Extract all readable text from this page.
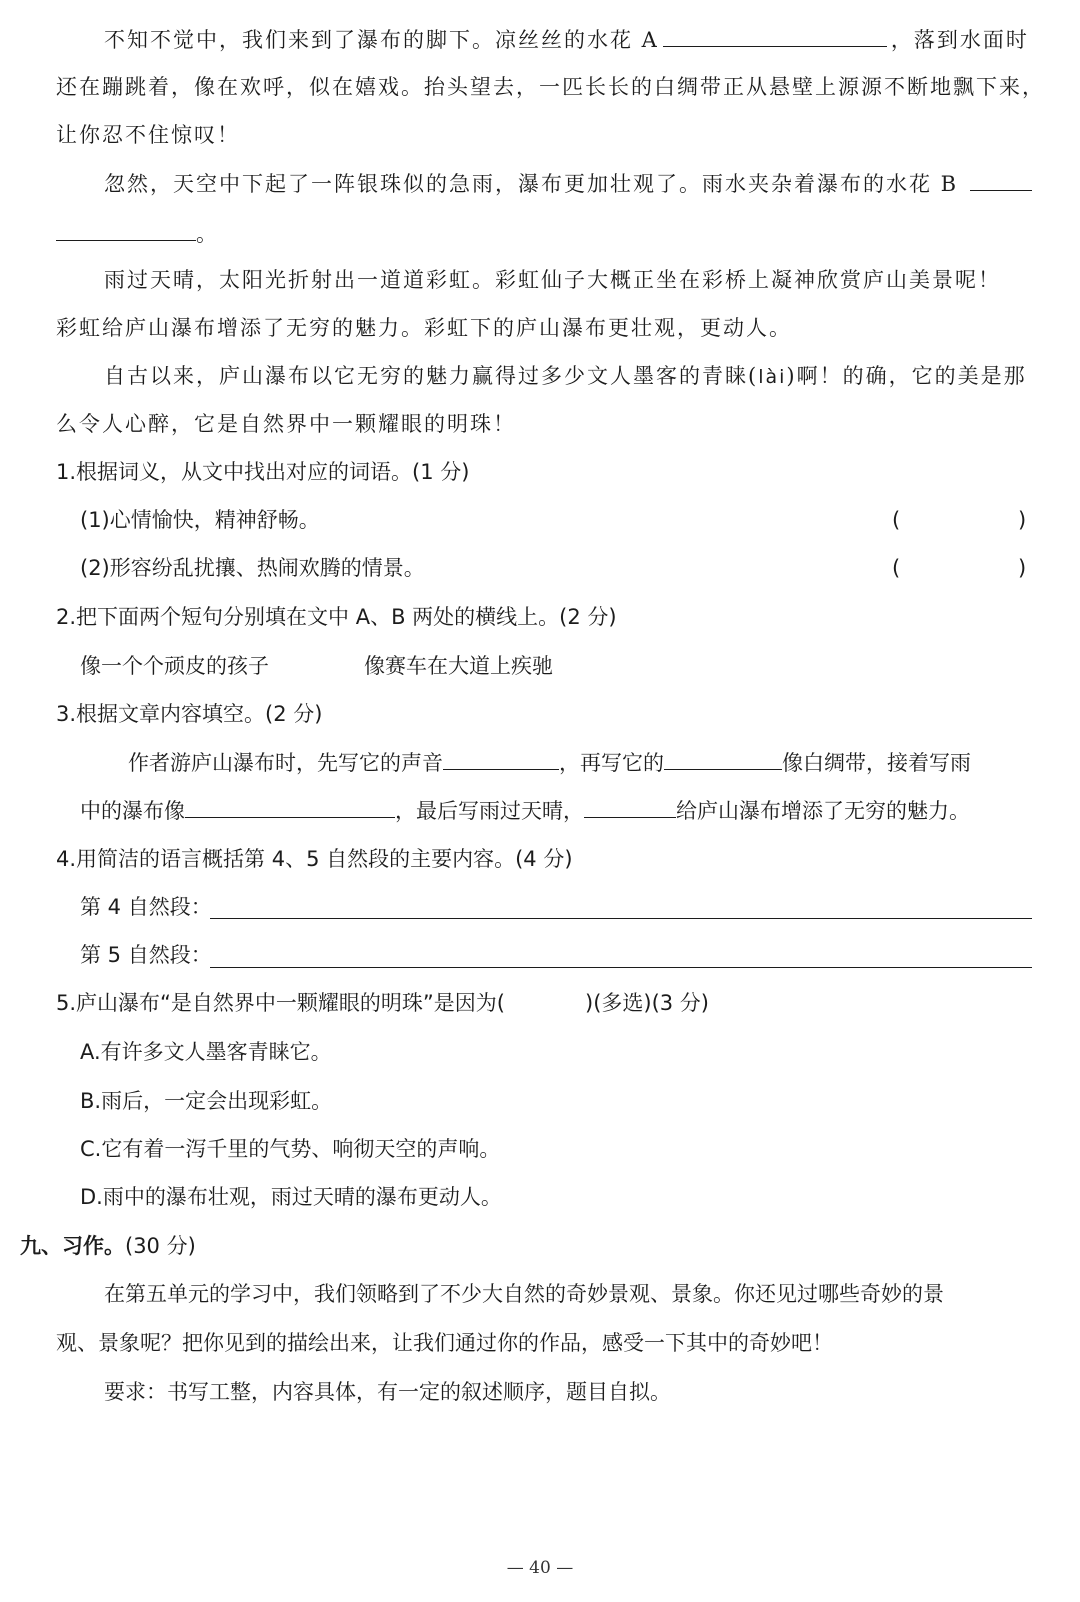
不知不觉中，我们来到了瀑布的脚下。凉丝丝的水花 A	，落到水面时
还在蹦跳着，像在欢呼，似在嬉戏。抬头望去，一匹长长的白绸带正从悬壁上源源不断地飘下来，
让你忍不住惊叹！
忽然，天空中下起了一阵银珠似的急雨，瀑布更加壮观了。雨水夹杂着瀑布的水花 B
。
雨过天晴，太阳光折射出一道道彩虹。彩虹仙子大概正坐在彩桥上凝神欣赏庐山美景呢！
彩虹给庐山瀑布增添了无穷的魅力。彩虹下的庐山瀑布更壮观，更动人。
自古以来，庐山瀑布以它无穷的魅力赢得过多少文人墨客的青睐(lài)啊！的确，它的美是那
么令人心醉，它是自然界中一颗耀眼的明珠！
1.根据词义，从文中找出对应的词语。(1 分)
(1)心情愉快，精神舒畅。	(	)
(2)形容纷乱扰攘、热闹欢腾的情景。	(	)
2.把下面两个短句分别填在文中 A、B 两处的横线上。(2 分)
像一个个顽皮的孩子	像赛车在大道上疾驰
3.根据文章内容填空。(2 分)
作者游庐山瀑布时，先写它的声音	，再写它的	像白绸带，接着写雨
中的瀑布像	，最后写雨过天晴，	给庐山瀑布增添了无穷的魅力。
4.用简洁的语言概括第 4、5 自然段的主要内容。(4 分)
第 4 自然段：
第 5 自然段：
5.庐山瀑布“是自然界中一颗耀眼的明珠”是因为(	)(多选)(3 分)
A.有许多文人墨客青睐它。
B.雨后，一定会出现彩虹。
C.它有着一泻千里的气势、响彻天空的声响。
D.雨中的瀑布壮观，雨过天晴的瀑布更动人。
九、习作。(30 分)
在第五单元的学习中，我们领略到了不少大自然的奇妙景观、景象。你还见过哪些奇妙的景
观、景象呢？把你见到的描绘出来，让我们通过你的作品，感受一下其中的奇妙吧！
要求：书写工整，内容具体，有一定的叙述顺序，题目自拟。
— 40 —
